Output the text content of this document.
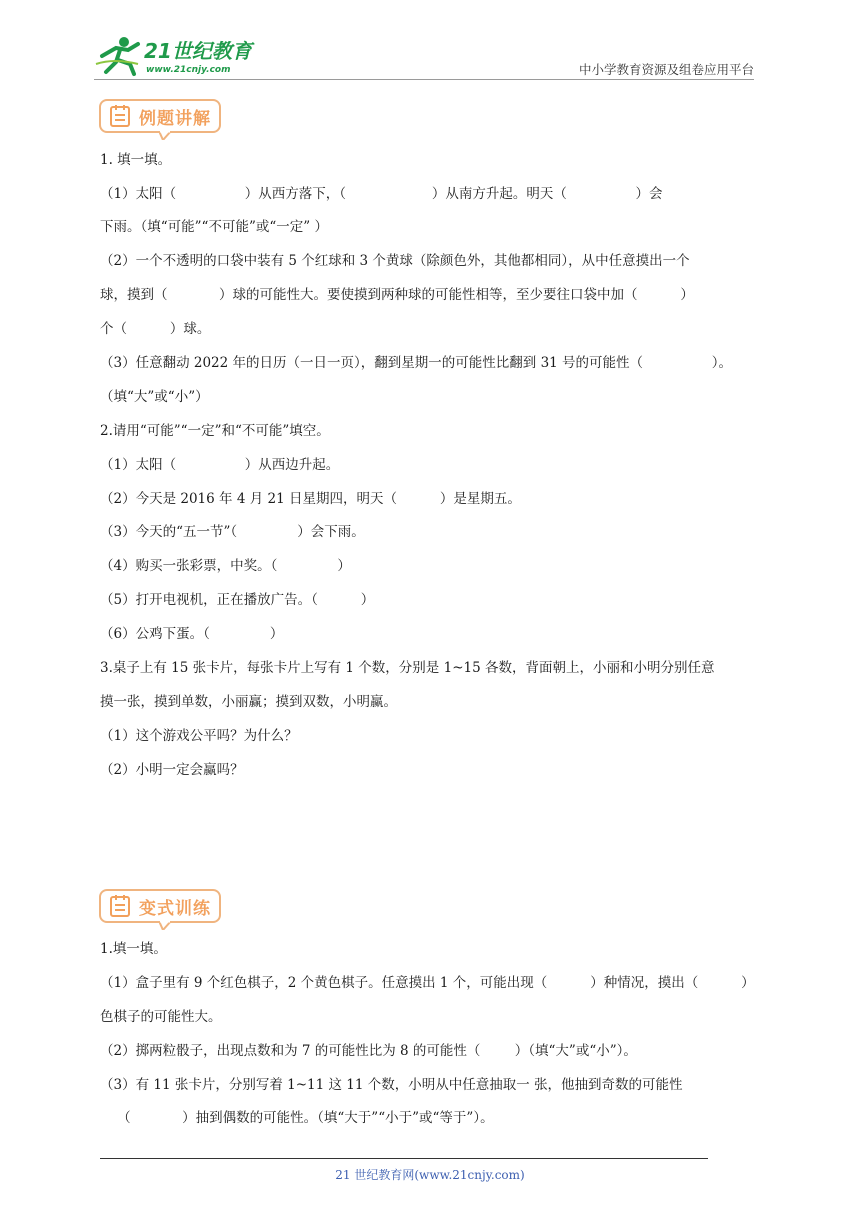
21世纪教育
www.21cnjy.com	中小学教育资源及组卷应用平台
例题讲解
1. 填一填。
（1）太阳（                ）从西方落下，（                    ）从南方升起。明天（                ）会
下雨。（填“可能”“不可能”或“一定” ）
（2）一个不透明的口袋中装有 5 个红球和 3 个黄球（除颜色外，其他都相同），从中任意摸出一个
球，摸到（            ）球的可能性大。要使摸到两种球的可能性相等，至少要往口袋中加（          ）
个（          ）球。
（3）任意翻动 2022 年的日历（一日一页），翻到星期一的可能性比翻到 31 号的可能性（                ）。
（填“大”或“小”）
2.请用“可能”“一定”和“不可能”填空。
（1）太阳（                ）从西边升起。
（2）今天是 2016 年 4 月 21 日星期四，明天（          ）是星期五。
（3）今天的“五一节”（              ）会下雨。
（4）购买一张彩票，中奖。（              ）
（5）打开电视机，正在播放广告。（          ）
（6）公鸡下蛋。（              ）
3.桌子上有 15 张卡片，每张卡片上写有 1 个数，分别是 1~15 各数，背面朝上，小丽和小明分别任意
摸一张，摸到单数，小丽赢；摸到双数，小明赢。
（1）这个游戏公平吗？为什么？
（2）小明一定会赢吗？
变式训练
1.填一填。
（1）盒子里有 9 个红色棋子，2 个黄色棋子。任意摸出 1 个，可能出现（          ）种情况，摸出（          ）
色棋子的可能性大。
（2）掷两粒骰子，出现点数和为 7 的可能性比为 8 的可能性（        ）（填“大”或“小”）。
（3）有 11 张卡片，分别写着 1~11 这 11 个数，小明从中任意抽取一 张，他抽到奇数的可能性
（            ）抽到偶数的可能性。（填“大于”“小于”或“等于”）。
21 世纪教育网(www.21cnjy.com)
